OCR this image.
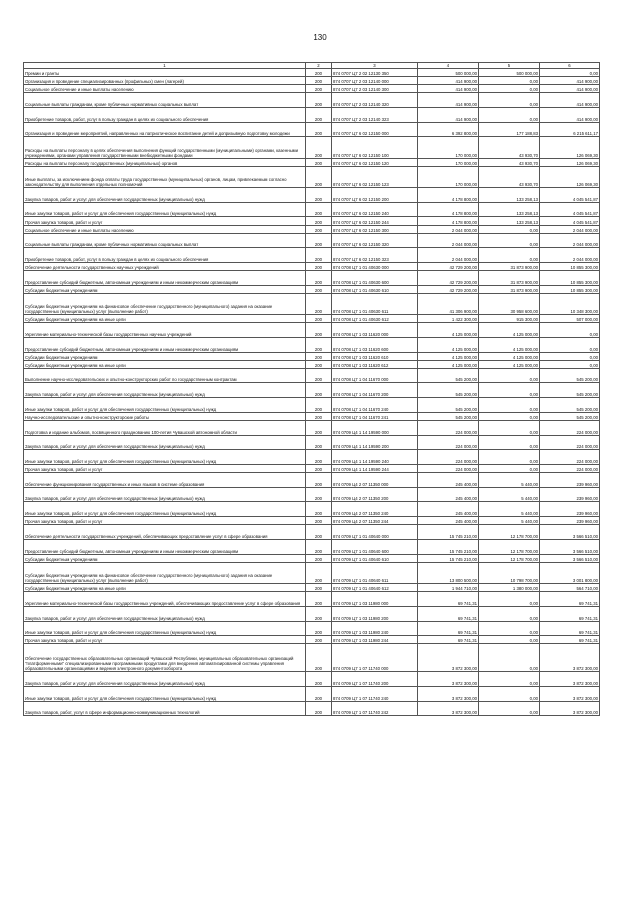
130
1	2	3	4	5	6
Премии и гранты	200	874 0707 Ц7 2 02 12130 350	500 000,00	500 000,00	0,00
Организация и проведение специализированных (профильных) смен (лагерей)	200	874 0707 Ц7 2 03 12140 000	414 900,00	0,00	414 900,00
Социальное обеспечение и иные выплаты населению	200	874 0707 Ц7 2 03 12140 300	414 900,00	0,00	414 900,00
Социальные выплаты гражданам, кроме публичных нормативных социальных выплат	200	874 0707 Ц7 2 03 12140 320	414 900,00	0,00	414 900,00
Приобретение товаров, работ, услуг в пользу граждан в целях их социального обеспечения	200	874 0707 Ц7 2 03 12140 323	414 900,00	0,00	414 900,00
Организация и проведение мероприятий, направленных на патриотическое воспитание детей и допризывную подготовку молодежи	200	874 0707 Ц7 6 02 12150 000	6 392 800,00	177 188,83	6 215 611,17
Расходы на выплаты персоналу в целях обеспечения выполнения функций государственными (муниципальными) органами, казенными учреждениями, органами управления государственными внебюджетными фондами	200	874 0707 Ц7 6 02 12150 100	170 000,00	43 930,70	126 069,30
Расходы на выплаты персоналу государственных (муниципальных) органов	200	874 0707 Ц7 6 02 12150 120	170 000,00	43 930,70	126 069,30
Иные выплаты, за исключением фонда оплаты труда государственных (муниципальных) органов, лицам, привлекаемым согласно законодательству для выполнения отдельных полномочий	200	874 0707 Ц7 6 02 12150 123	170 000,00	43 930,70	126 069,30
Закупка товаров, работ и услуг для обеспечения государственных (муниципальных) нужд	200	874 0707 Ц7 6 02 12150 200	4 178 800,00	133 258,13	4 045 541,87
Иные закупки товаров, работ и услуг для обеспечения государственных (муниципальных) нужд	200	874 0707 Ц7 6 02 12150 240	4 178 800,00	133 258,13	4 045 541,87
Прочая закупка товаров, работ и услуг	200	874 0707 Ц7 6 02 12150 244	4 178 800,00	133 258,13	4 045 541,87
Социальное обеспечение и иные выплаты населению	200	874 0707 Ц7 6 02 12150 300	2 044 000,00	0,00	2 044 000,00
Социальные выплаты гражданам, кроме публичных нормативных социальных выплат	200	874 0707 Ц7 6 02 12150 320	2 044 000,00	0,00	2 044 000,00
Приобретение товаров, работ, услуг в пользу граждан в целях их социального обеспечения	200	874 0707 Ц7 6 02 12150 323	2 044 000,00	0,00	2 044 000,00
Обеспечение деятельности государственных научных учреждений	200	874 0708 Ц7 1 01 40630 000	42 729 200,00	31 873 900,00	10 855 300,00
Предоставление субсидий бюджетным, автономным учреждениям и иным некоммерческим организациям	200	874 0708 Ц7 1 01 40630 600	42 729 200,00	31 873 900,00	10 855 300,00
Субсидии бюджетным учреждениям	200	874 0708 Ц7 1 01 40630 610	42 729 200,00	31 873 900,00	10 855 300,00
Субсидии бюджетным учреждениям на финансовое обеспечение государственного (муниципального) задания на оказание государственных (муниципальных) услуг (выполнение работ)	200	874 0708 Ц7 1 01 40630 611	41 306 900,00	30 958 600,00	10 348 300,00
Субсидии бюджетным учреждениям на иные цели	200	874 0708 Ц7 1 01 40630 612	1 422 300,00	915 300,00	507 000,00
Укрепление материально-технической базы государственных научных учреждений	200	874 0708 Ц7 1 03 11620 000	4 125 000,00	4 125 000,00	0,00
Предоставление субсидий бюджетным, автономным учреждениям и иным некоммерческим организациям	200	874 0708 Ц7 1 03 11620 600	4 125 000,00	4 125 000,00	0,00
Субсидии бюджетным учреждениям	200	874 0708 Ц7 1 03 11620 610	4 125 000,00	4 125 000,00	0,00
Субсидии бюджетным учреждениям на иные цели	200	874 0708 Ц7 1 03 11620 612	4 125 000,00	4 125 000,00	0,00
Выполнение научно-исследовательских и опытно-конструкторских работ по государственным контрактам	200	874 0708 Ц7 1 04 11670 000	545 200,00	0,00	545 200,00
Закупка товаров, работ и услуг для обеспечения государственных (муниципальных) нужд	200	874 0708 Ц7 1 04 11670 200	545 200,00	0,00	545 200,00
Иные закупки товаров, работ и услуг для обеспечения государственных (муниципальных) нужд	200	874 0708 Ц7 1 04 11670 240	545 200,00	0,00	545 200,00
Научно-исследовательские и опытно-конструкторские работы	200	874 0708 Ц7 1 04 11670 241	545 200,00	0,00	545 200,00
Подготовка и издание альбомов, посвященного празднованию 100-летия Чувашской автономной области	200	874 0709 Ц4 1 14 19590 000	224 000,00	0,00	224 000,00
Закупка товаров, работ и услуг для обеспечения государственных (муниципальных) нужд	200	874 0709 Ц4 1 14 19590 200	224 000,00	0,00	224 000,00
Иные закупки товаров, работ и услуг для обеспечения государственных (муниципальных) нужд	200	874 0709 Ц4 1 14 19590 240	224 000,00	0,00	224 000,00
Прочая закупка товаров, работ и услуг	200	874 0709 Ц4 1 14 19590 244	224 000,00	0,00	224 000,00
Обеспечение функционирования государственных и иных языков в системе образования	200	874 0709 Ц4 2 07 11350 000	245 400,00	5 440,00	239 960,00
Закупка товаров, работ и услуг для обеспечения государственных (муниципальных) нужд	200	874 0709 Ц4 2 07 11350 200	245 400,00	5 440,00	239 960,00
Иные закупки товаров, работ и услуг для обеспечения государственных (муниципальных) нужд	200	874 0709 Ц4 2 07 11350 240	245 400,00	5 440,00	239 960,00
Прочая закупка товаров, работ и услуг	200	874 0709 Ц4 2 07 11350 244	245 400,00	5 440,00	239 960,00
Обеспечение деятельности государственных учреждений, обеспечивающих предоставление услуг в сфере образования	200	874 0709 Ц7 1 01 40640 000	15 745 210,00	12 178 700,00	3 566 510,00
Предоставление субсидий бюджетным, автономным учреждениям и иным некоммерческим организациям	200	874 0709 Ц7 1 01 40640 600	15 745 210,00	12 178 700,00	3 566 510,00
Субсидии бюджетным учреждениям	200	874 0709 Ц7 1 01 40640 610	15 745 210,00	12 178 700,00	3 566 510,00
Субсидии бюджетным учреждениям на финансовое обеспечение государственного (муниципального) задания на оказание государственных (муниципальных) услуг (выполнение работ)	200	874 0709 Ц7 1 01 40640 611	13 800 500,00	10 798 700,00	3 001 800,00
Субсидии бюджетным учреждениям на иные цели	200	874 0709 Ц7 1 01 40640 612	1 944 710,00	1 380 000,00	564 710,00
Укрепление материально-технической базы государственных учреждений, обеспечивающих предоставление услуг в сфере образования	200	874 0709 Ц7 1 03 11980 000	69 741,31	0,00	69 741,31
Закупка товаров, работ и услуг для обеспечения государственных (муниципальных) нужд	200	874 0709 Ц7 1 03 11980 200	69 741,31	0,00	69 741,31
Иные закупки товаров, работ и услуг для обеспечения государственных (муниципальных) нужд	200	874 0709 Ц7 1 03 11980 240	69 741,31	0,00	69 741,31
Прочая закупка товаров, работ и услуг	200	874 0709 Ц7 1 03 11980 244	69 741,31	0,00	69 741,31
Обеспечение государственных образовательных организаций Чувашской Республики, муниципальных образовательных организаций "платформенными" специализированными программными продуктами для внедрения автоматизированной системы управления образовательными организациями и ведения электронного документооборота	200	874 0709 Ц7 1 07 11740 000	3 872 300,00	0,00	3 872 300,00
Закупка товаров, работ и услуг для обеспечения государственных (муниципальных) нужд	200	874 0709 Ц7 1 07 11740 200	3 872 300,00	0,00	3 872 300,00
Иные закупки товаров, работ и услуг для обеспечения государственных (муниципальных) нужд	200	874 0709 Ц7 1 07 11740 240	3 872 300,00	0,00	3 872 300,00
Закупка товаров, работ, услуг в сфере информационно-коммуникационных технологий	200	874 0709 Ц7 1 07 11740 242	3 872 300,00	0,00	3 872 300,00
